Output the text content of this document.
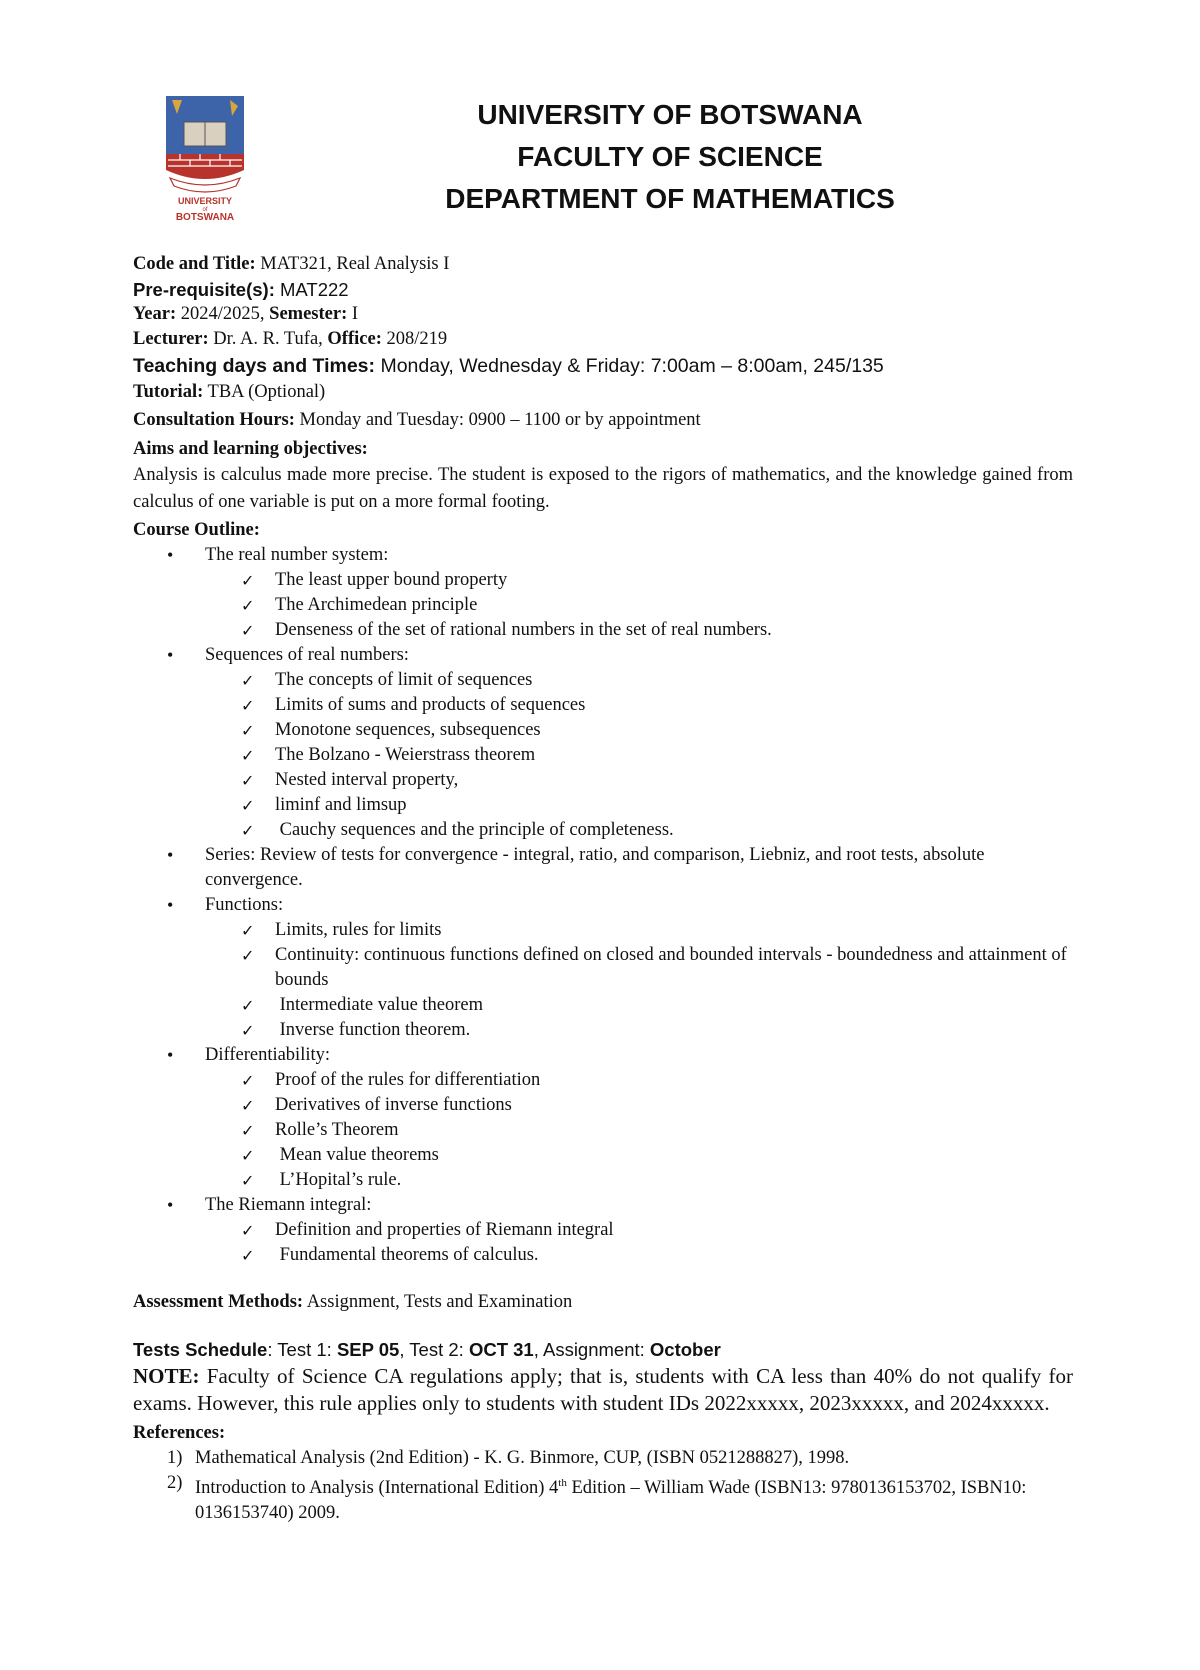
UNIVERSITY
of
BOTSWANA
UNIVERSITY OF BOTSWANA
FACULTY OF SCIENCE
DEPARTMENT OF MATHEMATICS

Code and Title: MAT321, Real Analysis I

Pre-requisite(s): MAT222

Year: 2024/2025, Semester: I

Lecturer: Dr. A. R. Tufa, Office: 208/219

Teaching days and Times: Monday, Wednesday & Friday: 7:00am – 8:00am, 245/135

Tutorial: TBA (Optional)

Consultation Hours: Monday and Tuesday: 0900 – 1100 or by appointment

Aims and learning objectives:

Analysis is calculus made more precise. The student is exposed to the rigors of mathematics, and the knowledge gained from calculus of one variable is put on a more formal footing.

Course Outline:

• The real number system:
✓ The least upper bound property
✓ The Archimedean principle
✓ Denseness of the set of rational numbers in the set of real numbers.
• Sequences of real numbers:
✓ The concepts of limit of sequences
✓ Limits of sums and products of sequences
✓ Monotone sequences, subsequences
✓ The Bolzano - Weierstrass theorem
✓ Nested interval property,
✓ liminf and limsup
✓ Cauchy sequences and the principle of completeness.
• Series: Review of tests for convergence - integral, ratio, and comparison, Liebniz, and root tests, absolute convergence.
• Functions:
✓ Limits, rules for limits
✓ Continuity: continuous functions defined on closed and bounded intervals - boundedness and attainment of bounds
✓ Intermediate value theorem
✓ Inverse function theorem.
• Differentiability:
✓ Proof of the rules for differentiation
✓ Derivatives of inverse functions
✓ Rolle’s Theorem
✓ Mean value theorems
✓ L’Hopital’s rule.
• The Riemann integral:
✓ Definition and properties of Riemann integral
✓ Fundamental theorems of calculus.

Assessment Methods: Assignment, Tests and Examination

Tests Schedule: Test 1: SEP 05, Test 2: OCT 31, Assignment: October

NOTE: Faculty of Science CA regulations apply; that is, students with CA less than 40% do not qualify for exams. However, this rule applies only to students with student IDs 2022xxxxx, 2023xxxxx, and 2024xxxxx.

References:

1) Mathematical Analysis (2nd Edition) - K. G. Binmore, CUP, (ISBN 0521288827), 1998.
2) Introduction to Analysis (International Edition) 4th Edition – William Wade (ISBN13: 9780136153702, ISBN10: 0136153740) 2009.
